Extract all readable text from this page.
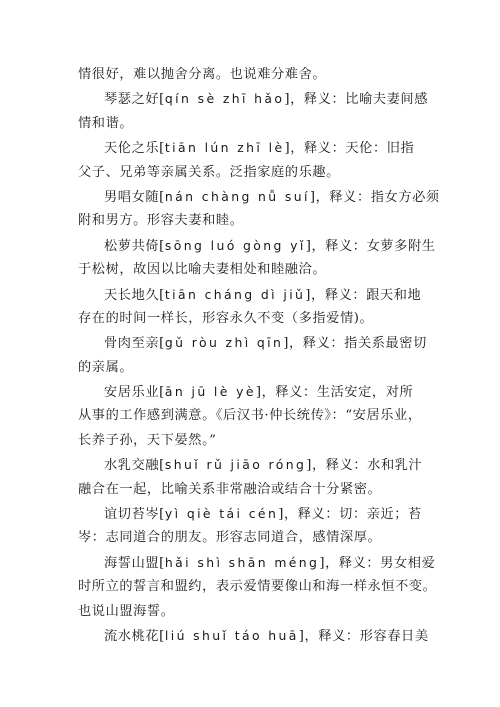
情很好，难以抛舍分离。也说难分难舍。
琴瑟之好[qín sè zhī hǎo]，释义：比喻夫妻间感
情和谐。
天伦之乐[tiān lún zhī lè]，释义：天伦：旧指
父子、兄弟等亲属关系。泛指家庭的乐趣。
男唱女随[nán chàng nǚ suí]，释义：指女方必须
附和男方。形容夫妻和睦。
松萝共倚[sōng luó gòng yǐ]，释义：女萝多附生
于松树，故因以比喻夫妻相处和睦融洽。
天长地久[tiān cháng dì jiǔ]，释义：跟天和地
存在的时间一样长，形容永久不变（多指爱情)。
骨肉至亲[gǔ ròu zhì qīn]，释义：指关系最密切
的亲属。
安居乐业[ān jū lè yè]，释义：生活安定，对所
从事的工作感到满意。《后汉书·仲长统传》：“安居乐业，
长养子孙，天下晏然。”
水乳交融[shuǐ rǔ jiāo róng]，释义：水和乳汁
融合在一起，比喻关系非常融洽或结合十分紧密。
谊切苔岑[yì qiè tái cén]，释义：切：亲近；苔
岑：志同道合的朋友。形容志同道合，感情深厚。
海誓山盟[hǎi shì shān méng]，释义：男女相爱
时所立的誓言和盟约，表示爱情要像山和海一样永恒不变。
也说山盟海誓。
流水桃花[liú shuǐ táo huā]，释义：形容春日美
